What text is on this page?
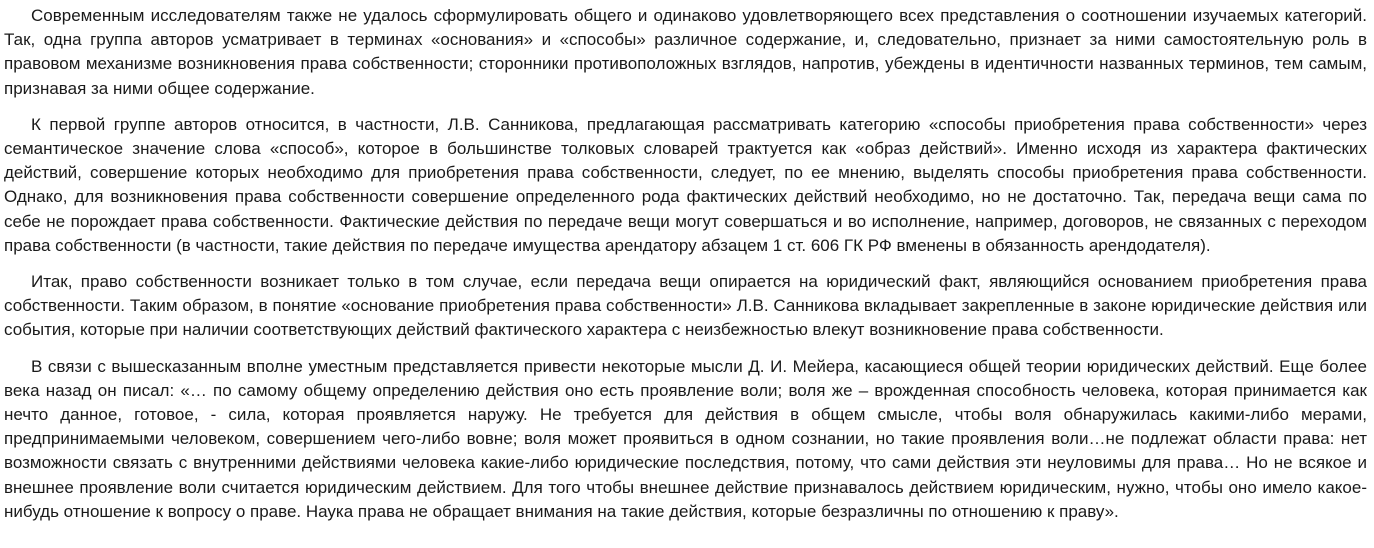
Современным исследователям также не удалось сформулировать общего и одинаково удовлетворяющего всех представления о соотношении изучаемых категорий. Так, одна группа авторов усматривает в терминах «основания» и «способы» различное содержание, и, следовательно, признает за ними самостоятельную роль в правовом механизме возникновения права собственности; сторонники противоположных взглядов, напротив, убеждены в идентичности названных терминов, тем самым, признавая за ними общее содержание.

К первой группе авторов относится, в частности, Л.В. Санникова, предлагающая рассматривать категорию «способы приобретения права собственности» через семантическое значение слова «способ», которое в большинстве толковых словарей трактуется как «образ действий». Именно исходя из характера фактических действий, совершение которых необходимо для приобретения права собственности, следует, по ее мнению, выделять способы приобретения права собственности. Однако, для возникновения права собственности совершение определенного рода фактических действий необходимо, но не достаточно. Так, передача вещи сама по себе не порождает права собственности. Фактические действия по передаче вещи могут совершаться и во исполнение, например, договоров, не связанных с переходом права собственности (в частности, такие действия по передаче имущества арендатору абзацем 1 ст. 606 ГК РФ вменены в обязанность арендодателя).

Итак, право собственности возникает только в том случае, если передача вещи опирается на юридический факт, являющийся основанием приобретения права собственности. Таким образом, в понятие «основание приобретения права собственности» Л.В. Санникова вкладывает закрепленные в законе юридические действия или события, которые при наличии соответствующих действий фактического характера с неизбежностью влекут возникновение права собственности.

В связи с вышесказанным вполне уместным представляется привести некоторые мысли Д. И. Мейера, касающиеся общей теории юридических действий. Еще более века назад он писал: «… по самому общему определению действия оно есть проявление воли; воля же – врожденная способность человека, которая принимается как нечто данное, готовое, - сила, которая проявляется наружу. Не требуется для действия в общем смысле, чтобы воля обнаружилась какими-либо мерами, предпринимаемыми человеком, совершением чего-либо вовне; воля может проявиться в одном сознании, но такие проявления воли…не подлежат области права: нет возможности связать с внутренними действиями человека какие-либо юридические последствия, потому, что сами действия эти неуловимы для права… Но не всякое и внешнее проявление воли считается юридическим действием. Для того чтобы внешнее действие признавалось действием юридическим, нужно, чтобы оно имело какое-нибудь отношение к вопросу о праве. Наука права не обращает внимания на такие действия, которые безразличны по отношению к праву».
